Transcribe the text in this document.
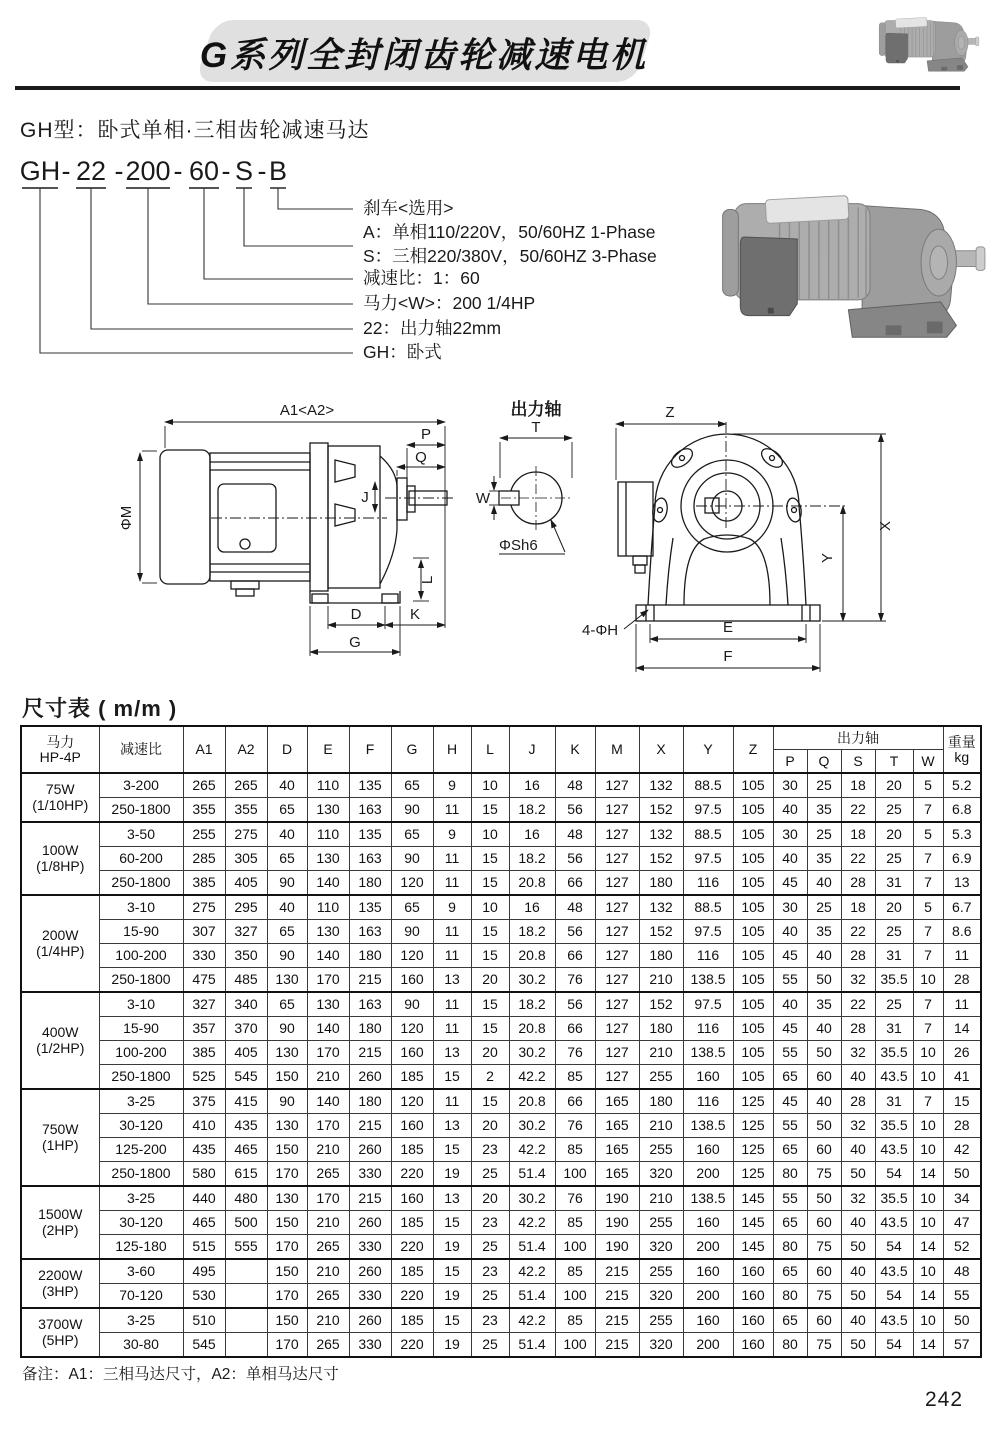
G系列全封闭齿轮减速电机
GH型：卧式单相·三相齿轮减速马达
GH - 22 - 200 - 60 - S - B
刹车<选用>
A：单相110/220V，50/60HZ 1-Phase
S：三相220/380V，50/60HZ 3-Phase
减速比：1：60
马力<W>：200 1/4HP
22：出力轴22mm
GH：卧式
A1<A2>
ΦM
P
Q
J
L
D	K
G
出力轴
T
W
ΦSh6
Z
X
Y
E
F
4-ΦH
尺寸表 ( m/m )
马力
HP-4P	减速比	A1	A2	D	E	F	G	H	L	J	K	M	X	Y	Z	出力轴					重量
kg

																P	Q	S	T	W	

75W
(1/10HP)	3-200	265	265	40	110	135	65	9	10	16	48	127	132	88.5	105	30	25	18	20	5	5.2
	250-1800	355	355	65	130	163	90	11	15	18.2	56	127	152	97.5	105	40	35	22	25	7	6.8

100W
(1/8HP)	3-50	255	275	40	110	135	65	9	10	16	48	127	132	88.5	105	30	25	18	20	5	5.3
	60-200	285	305	65	130	163	90	11	15	18.2	56	127	152	97.5	105	40	35	22	25	7	6.9
	250-1800	385	405	90	140	180	120	11	15	20.8	66	127	180	116	105	45	40	28	31	7	13

200W
(1/4HP)	3-10	275	295	40	110	135	65	9	10	16	48	127	132	88.5	105	30	25	18	20	5	6.7
	15-90	307	327	65	130	163	90	11	15	18.2	56	127	152	97.5	105	40	35	22	25	7	8.6
	100-200	330	350	90	140	180	120	11	15	20.8	66	127	180	116	105	45	40	28	31	7	11
	250-1800	475	485	130	170	215	160	13	20	30.2	76	127	210	138.5	105	55	50	32	35.5	10	28

400W
(1/2HP)	3-10	327	340	65	130	163	90	11	15	18.2	56	127	152	97.5	105	40	35	22	25	7	11
	15-90	357	370	90	140	180	120	11	15	20.8	66	127	180	116	105	45	40	28	31	7	14
	100-200	385	405	130	170	215	160	13	20	30.2	76	127	210	138.5	105	55	50	32	35.5	10	26
	250-1800	525	545	150	210	260	185	15	2	42.2	85	127	255	160	105	65	60	40	43.5	10	41

750W
(1HP)	3-25	375	415	90	140	180	120	11	15	20.8	66	165	180	116	125	45	40	28	31	7	15
	30-120	410	435	130	170	215	160	13	20	30.2	76	165	210	138.5	125	55	50	32	35.5	10	28
	125-200	435	465	150	210	260	185	15	23	42.2	85	165	255	160	125	65	60	40	43.5	10	42
	250-1800	580	615	170	265	330	220	19	25	51.4	100	165	320	200	125	80	75	50	54	14	50

1500W
(2HP)	3-25	440	480	130	170	215	160	13	20	30.2	76	190	210	138.5	145	55	50	32	35.5	10	34
	30-120	465	500	150	210	260	185	15	23	42.2	85	190	255	160	145	65	60	40	43.5	10	47
	125-180	515	555	170	265	330	220	19	25	51.4	100	190	320	200	145	80	75	50	54	14	52

2200W
(3HP)	3-60	495		150	210	260	185	15	23	42.2	85	215	255	160	160	65	60	40	43.5	10	48
	70-120	530		170	265	330	220	19	25	51.4	100	215	320	200	160	80	75	50	54	14	55

3700W
(5HP)	3-25	510		150	210	260	185	15	23	42.2	85	215	255	160	160	65	60	40	43.5	10	50
	30-80	545		170	265	330	220	19	25	51.4	100	215	320	200	160	80	75	50	54	14	57
备注：A1：三相马达尺寸，A2：单相马达尺寸
242
